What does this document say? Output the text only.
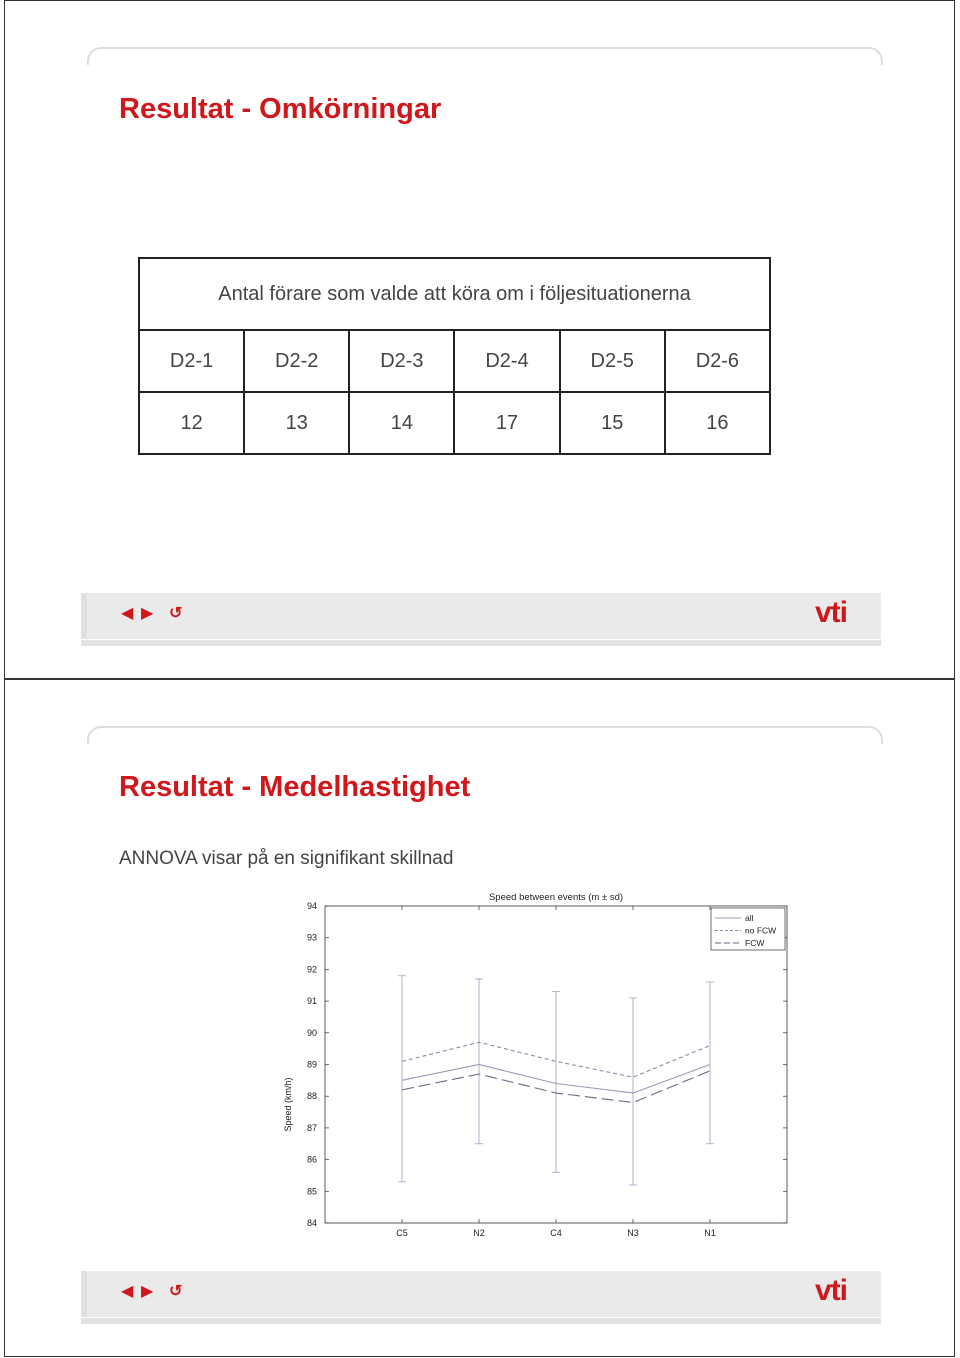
Resultat - Omkörningar
Antal förare som valde att köra om i följesituationerna					
D2-1	D2-2	D2-3	D2-4	D2-5	D2-6
12	13	14	17	15	16
◀ ▶ ↺	vti
Resultat - Medelhastighet
ANNOVA visar på en signifikant skillnad
Speed between events (m ± sd)
Speed (km/h)
84
85
86
87
88
89
90
91
92
93
94
C5	N2	C4	N3	N1
all
no FCW
FCW
◀ ▶ ↺	vti
